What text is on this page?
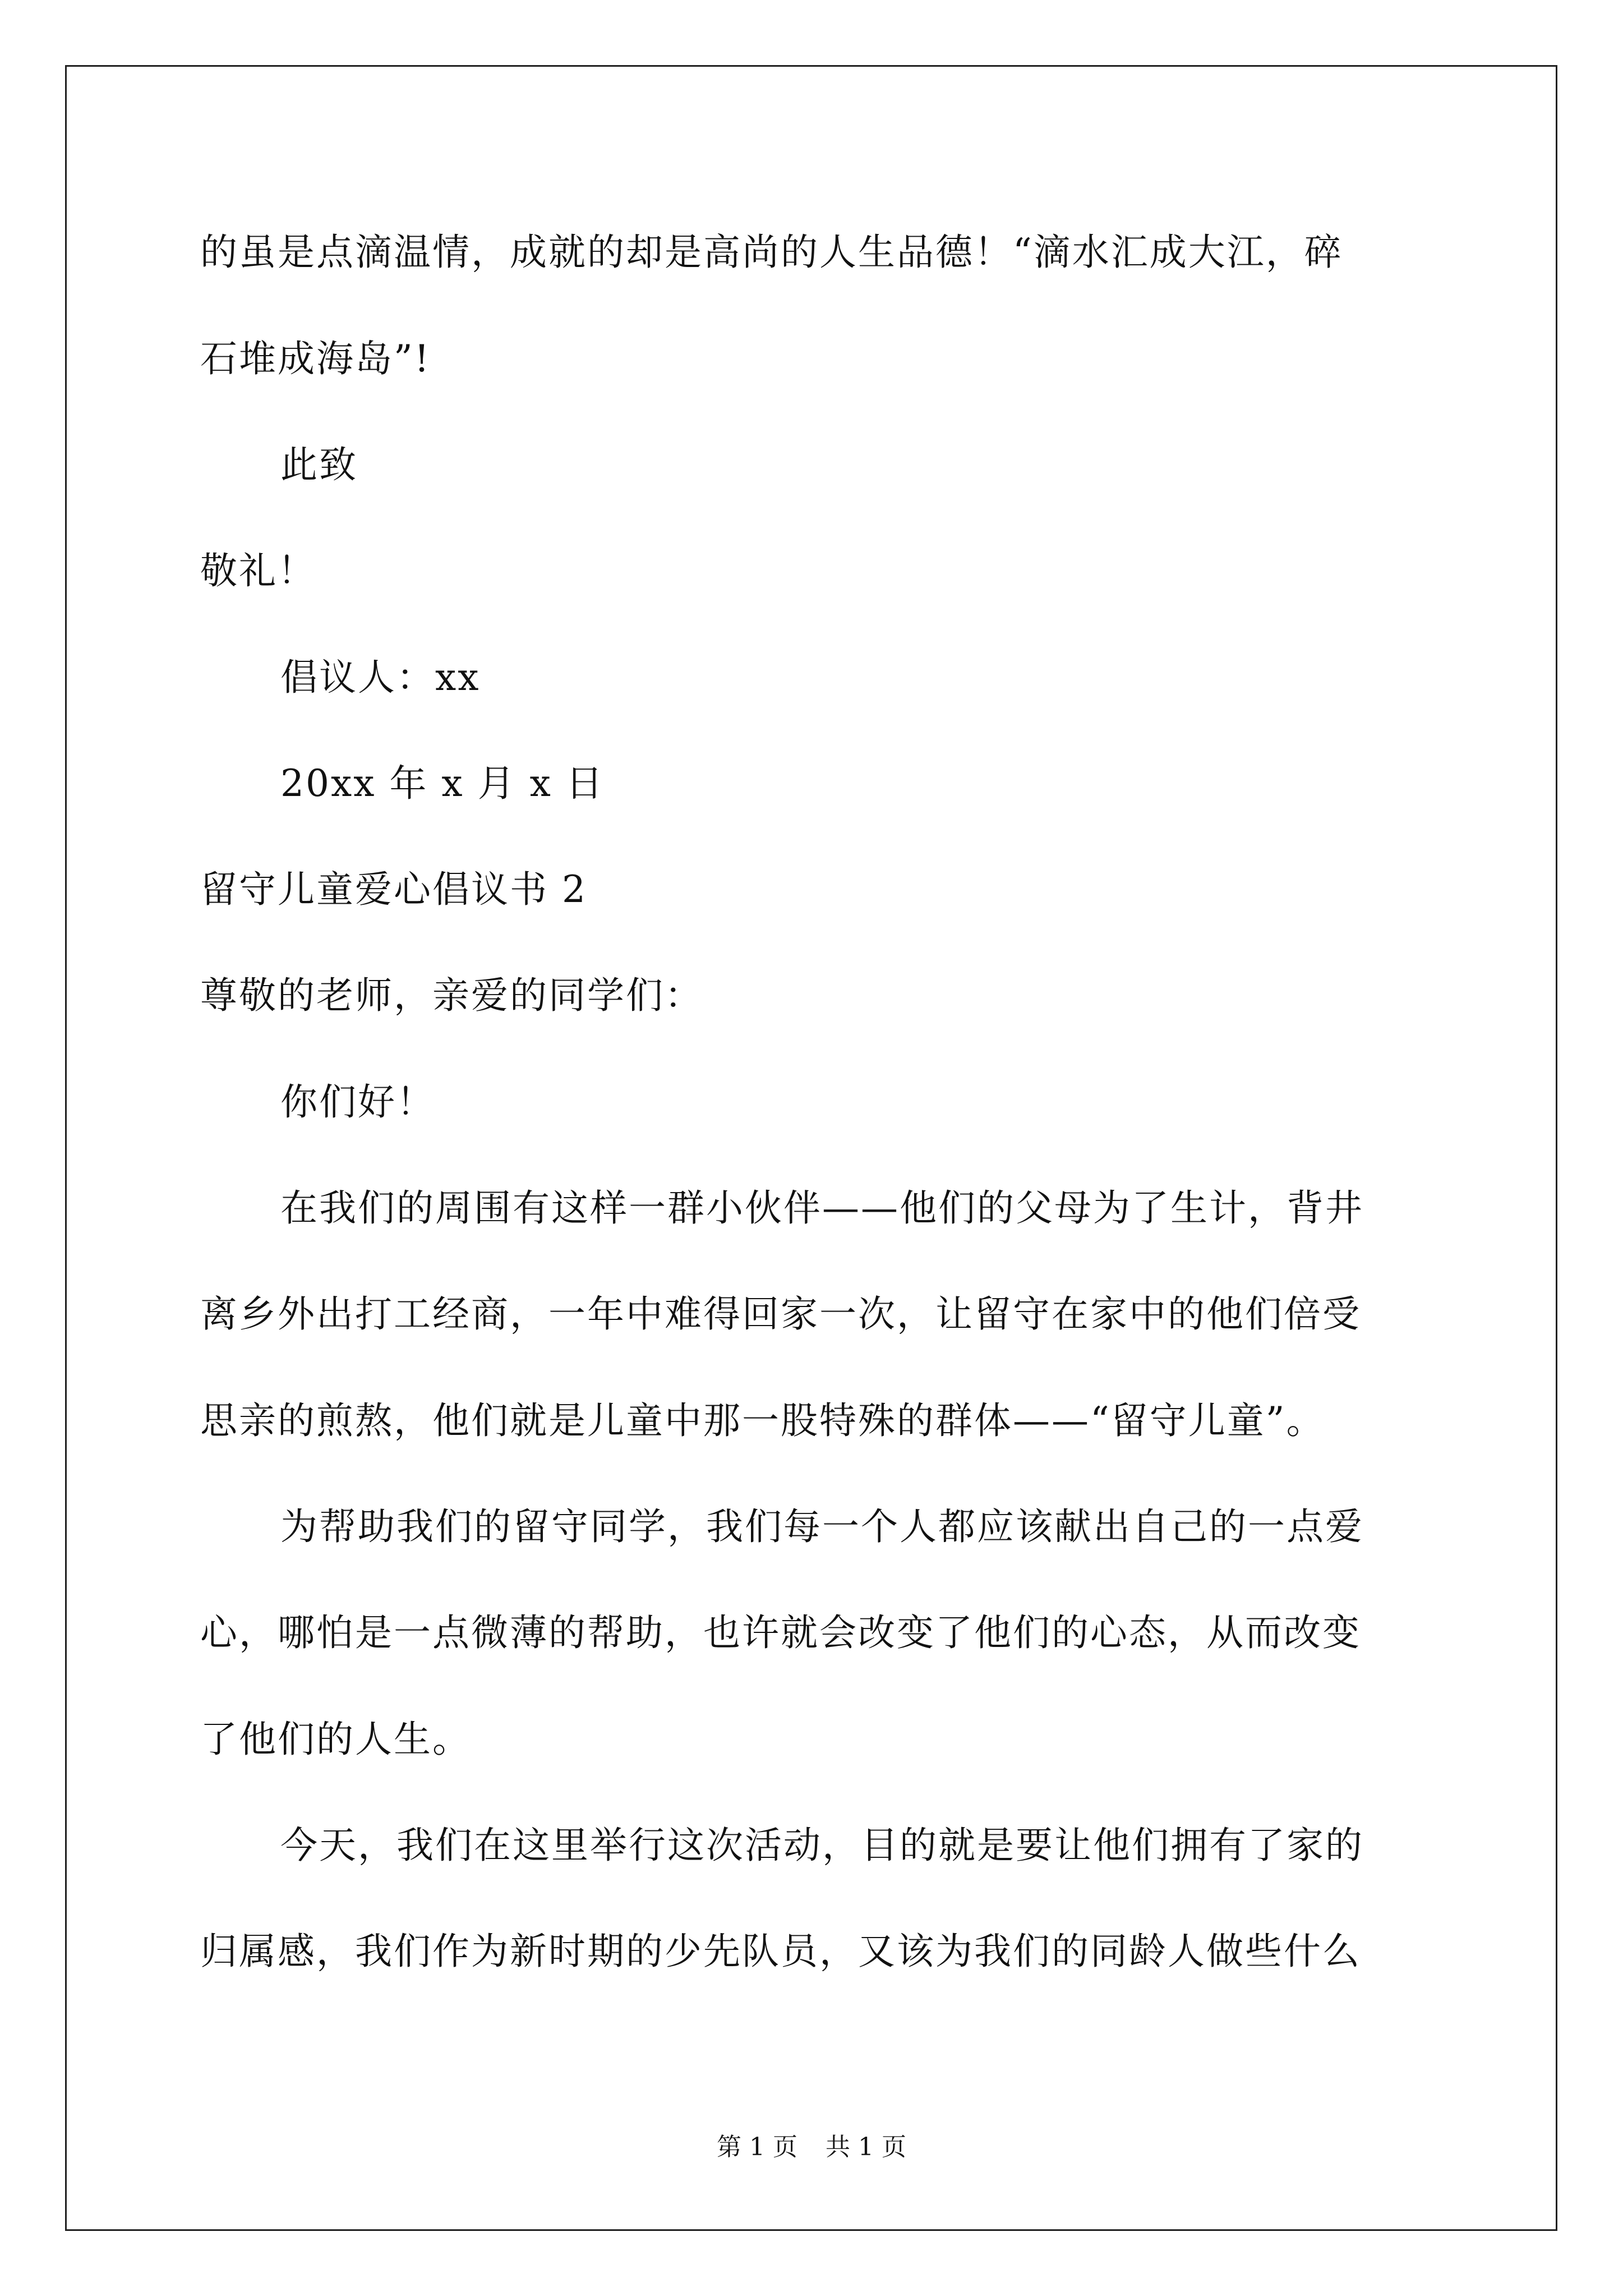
的虽是点滴温情，成就的却是高尚的人生品德！“滴水汇成大江，碎
石堆成海岛”!
此致
敬礼！
倡议人：xx
20xx 年 x 月 x 日
留守儿童爱心倡议书 2
尊敬的老师，亲爱的同学们：
你们好！
在我们的周围有这样一群小伙伴——他们的父母为了生计，背井
离乡外出打工经商，一年中难得回家一次，让留守在家中的他们倍受
思亲的煎熬，他们就是儿童中那一股特殊的群体——“留守儿童”。
为帮助我们的留守同学，我们每一个人都应该献出自己的一点爱
心，哪怕是一点微薄的帮助，也许就会改变了他们的心态，从而改变
了他们的人生。
今天，我们在这里举行这次活动，目的就是要让他们拥有了家的
归属感，我们作为新时期的少先队员，又该为我们的同龄人做些什么
第 1 页 共 1 页
